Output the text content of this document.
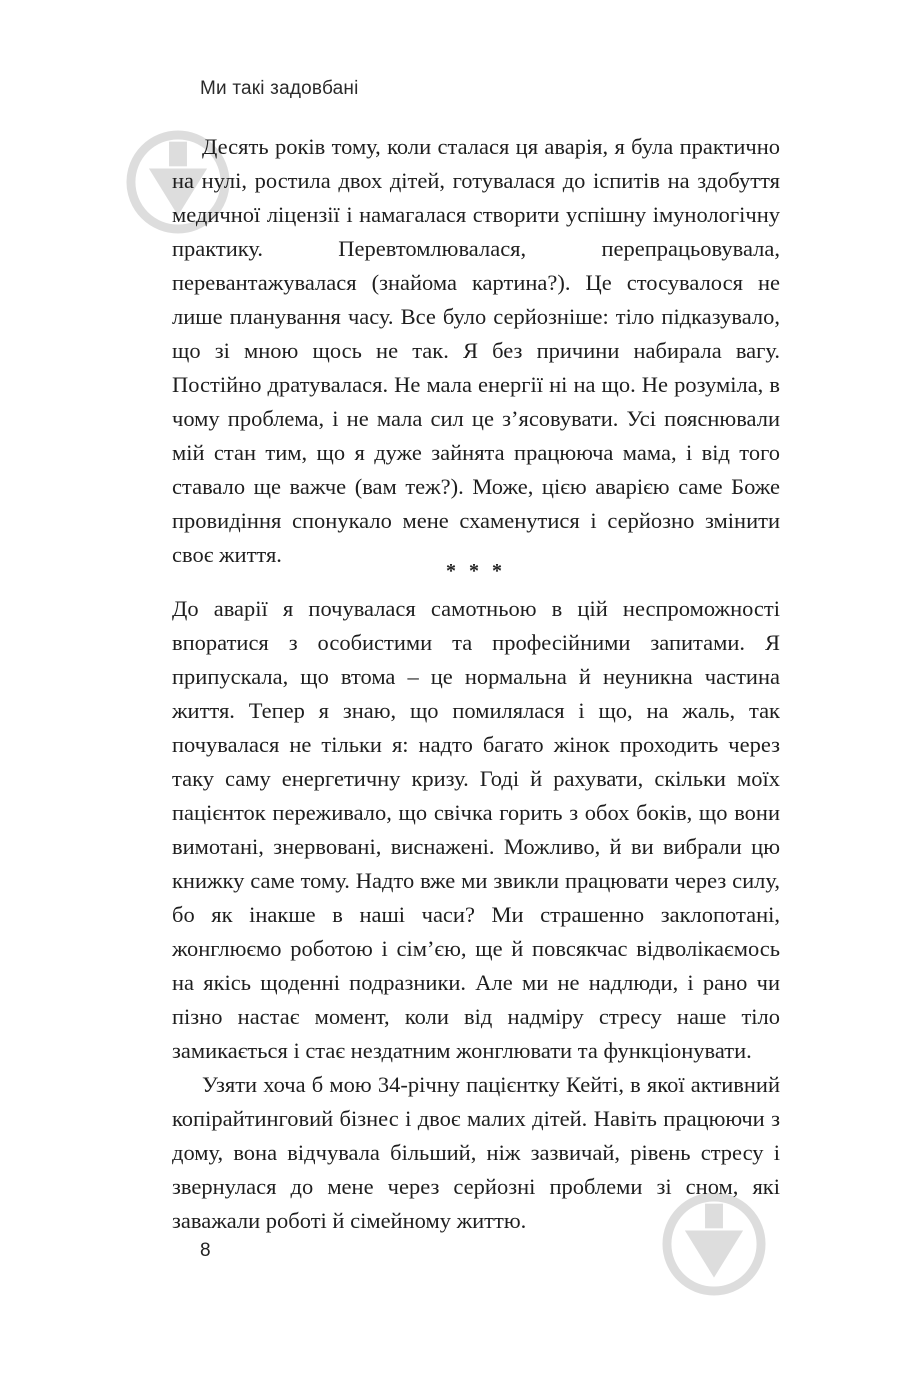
Ми такі задовбані

Десять років тому, коли сталася ця аварія, я була практично на нулі, ростила двох дітей, готувалася до іспитів на здобуття медичної ліцензії і намагалася створити успішну імунологічну практику. Перевтомлювалася, перепрацьовувала, перевантажувалася (знайома картина?). Це стосувалося не лише планування часу. Все було серйозніше: тіло підказувало, що зі мною щось не так. Я без причини набирала вагу. Постійно дратувалася. Не мала енергії ні на що. Не розуміла, в чому проблема, і не мала сил це з’ясовувати. Усі пояснювали мій стан тим, що я дуже зайнята працююча мама, і від того ставало ще важче (вам теж?). Може, цією аварією саме Боже провидіння спонукало мене схаменутися і серйозно змінити своє життя.

* * *

До аварії я почувалася самотньою в цій неспроможності впоратися з особистими та професійними запитами. Я припускала, що втома – це нормальна й неуникна частина життя. Тепер я знаю, що помилялася і що, на жаль, так почувалася не тільки я: надто багато жінок проходить через таку саму енергетичну кризу. Годі й рахувати, скільки моїх пацієнток переживало, що свічка горить з обох боків, що вони вимотані, знервовані, виснажені. Можливо, й ви вибрали цю книжку саме тому. Надто вже ми звикли працювати через силу, бо як інакше в наші часи? Ми страшенно заклопотані, жонглюємо роботою і сім’єю, ще й повсякчас відволікаємось на якісь щоденні подразники. Але ми не надлюди, і рано чи пізно настає момент, коли від надміру стресу наше тіло замикається і стає нездатним жонглювати та функціонувати.

Узяти хоча б мою 34-річну пацієнтку Кейті, в якої активний копірайтинговий бізнес і двоє малих дітей. Навіть працюючи з дому, вона відчувала більший, ніж зазвичай, рівень стресу і звернулася до мене через серйозні проблеми зі сном, які заважали роботі й сімейному життю.

8
